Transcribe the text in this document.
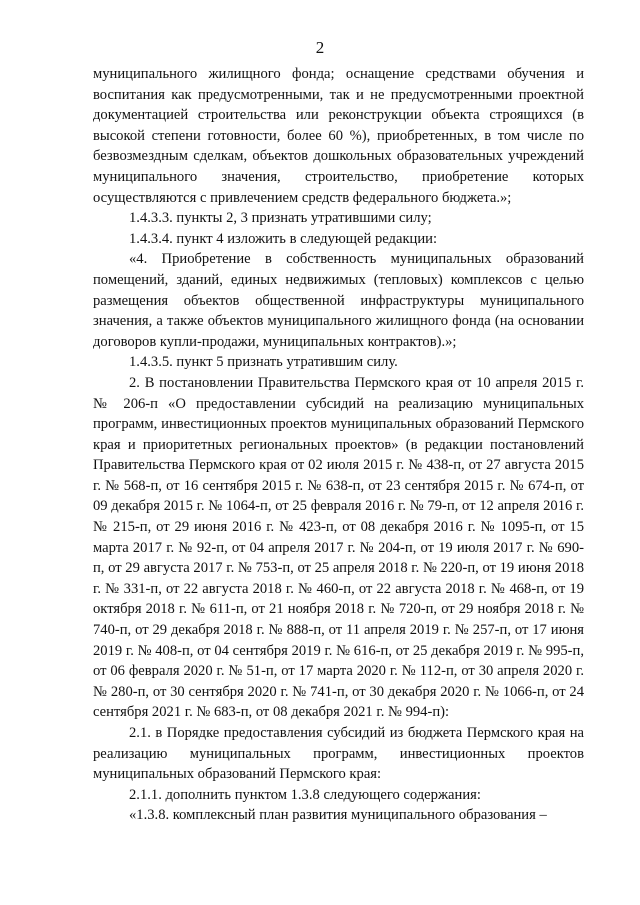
2

муниципального жилищного фонда; оснащение средствами обучения и воспитания как предусмотренными, так и не предусмотренными проектной документацией строительства или реконструкции объекта строящихся (в высокой степени готовности, более 60 %), приобретенных, в том числе по безвозмездным сделкам, объектов дошкольных образовательных учреждений муниципального значения, строительство, приобретение которых осуществляются с привлечением средств федерального бюджета.»;

1.4.3.3. пункты 2, 3 признать утратившими силу;

1.4.3.4. пункт 4 изложить в следующей редакции:

«4. Приобретение в собственность муниципальных образований помещений, зданий, единых недвижимых (тепловых) комплексов с целью размещения объектов общественной инфраструктуры муниципального значения, а также объектов муниципального жилищного фонда (на основании договоров купли-продажи, муниципальных контрактов).»;

1.4.3.5. пункт 5 признать утратившим силу.

2. В постановлении Правительства Пермского края от 10 апреля 2015 г. № 206-п «О предоставлении субсидий на реализацию муниципальных программ, инвестиционных проектов муниципальных образований Пермского края и приоритетных региональных проектов» (в редакции постановлений Правительства Пермского края от 02 июля 2015 г. № 438-п, от 27 августа 2015 г. № 568-п, от 16 сентября 2015 г. № 638-п, от 23 сентября 2015 г. № 674-п, от 09 декабря 2015 г. № 1064-п, от 25 февраля 2016 г. № 79-п, от 12 апреля 2016 г. № 215-п, от 29 июня 2016 г. № 423-п, от 08 декабря 2016 г. № 1095-п, от 15 марта 2017 г. № 92-п, от 04 апреля 2017 г. № 204-п, от 19 июля 2017 г. № 690-п, от 29 августа 2017 г. № 753-п, от 25 апреля 2018 г. № 220-п, от 19 июня 2018 г. № 331-п, от 22 августа 2018 г. № 460-п, от 22 августа 2018 г. № 468-п, от 19 октября 2018 г. № 611-п, от 21 ноября 2018 г. № 720-п, от 29 ноября 2018 г. № 740-п, от 29 декабря 2018 г. № 888-п, от 11 апреля 2019 г. № 257-п, от 17 июня 2019 г. № 408-п, от 04 сентября 2019 г. № 616-п, от 25 декабря 2019 г. № 995-п, от 06 февраля 2020 г. № 51-п, от 17 марта 2020 г. № 112-п, от 30 апреля 2020 г. № 280-п, от 30 сентября 2020 г. № 741-п, от 30 декабря 2020 г. № 1066-п, от 24 сентября 2021 г. № 683-п, от 08 декабря 2021 г. № 994-п):

2.1. в Порядке предоставления субсидий из бюджета Пермского края на реализацию муниципальных программ, инвестиционных проектов муниципальных образований Пермского края:

2.1.1. дополнить пунктом 1.3.8 следующего содержания:

«1.3.8. комплексный план развития муниципального образования –
